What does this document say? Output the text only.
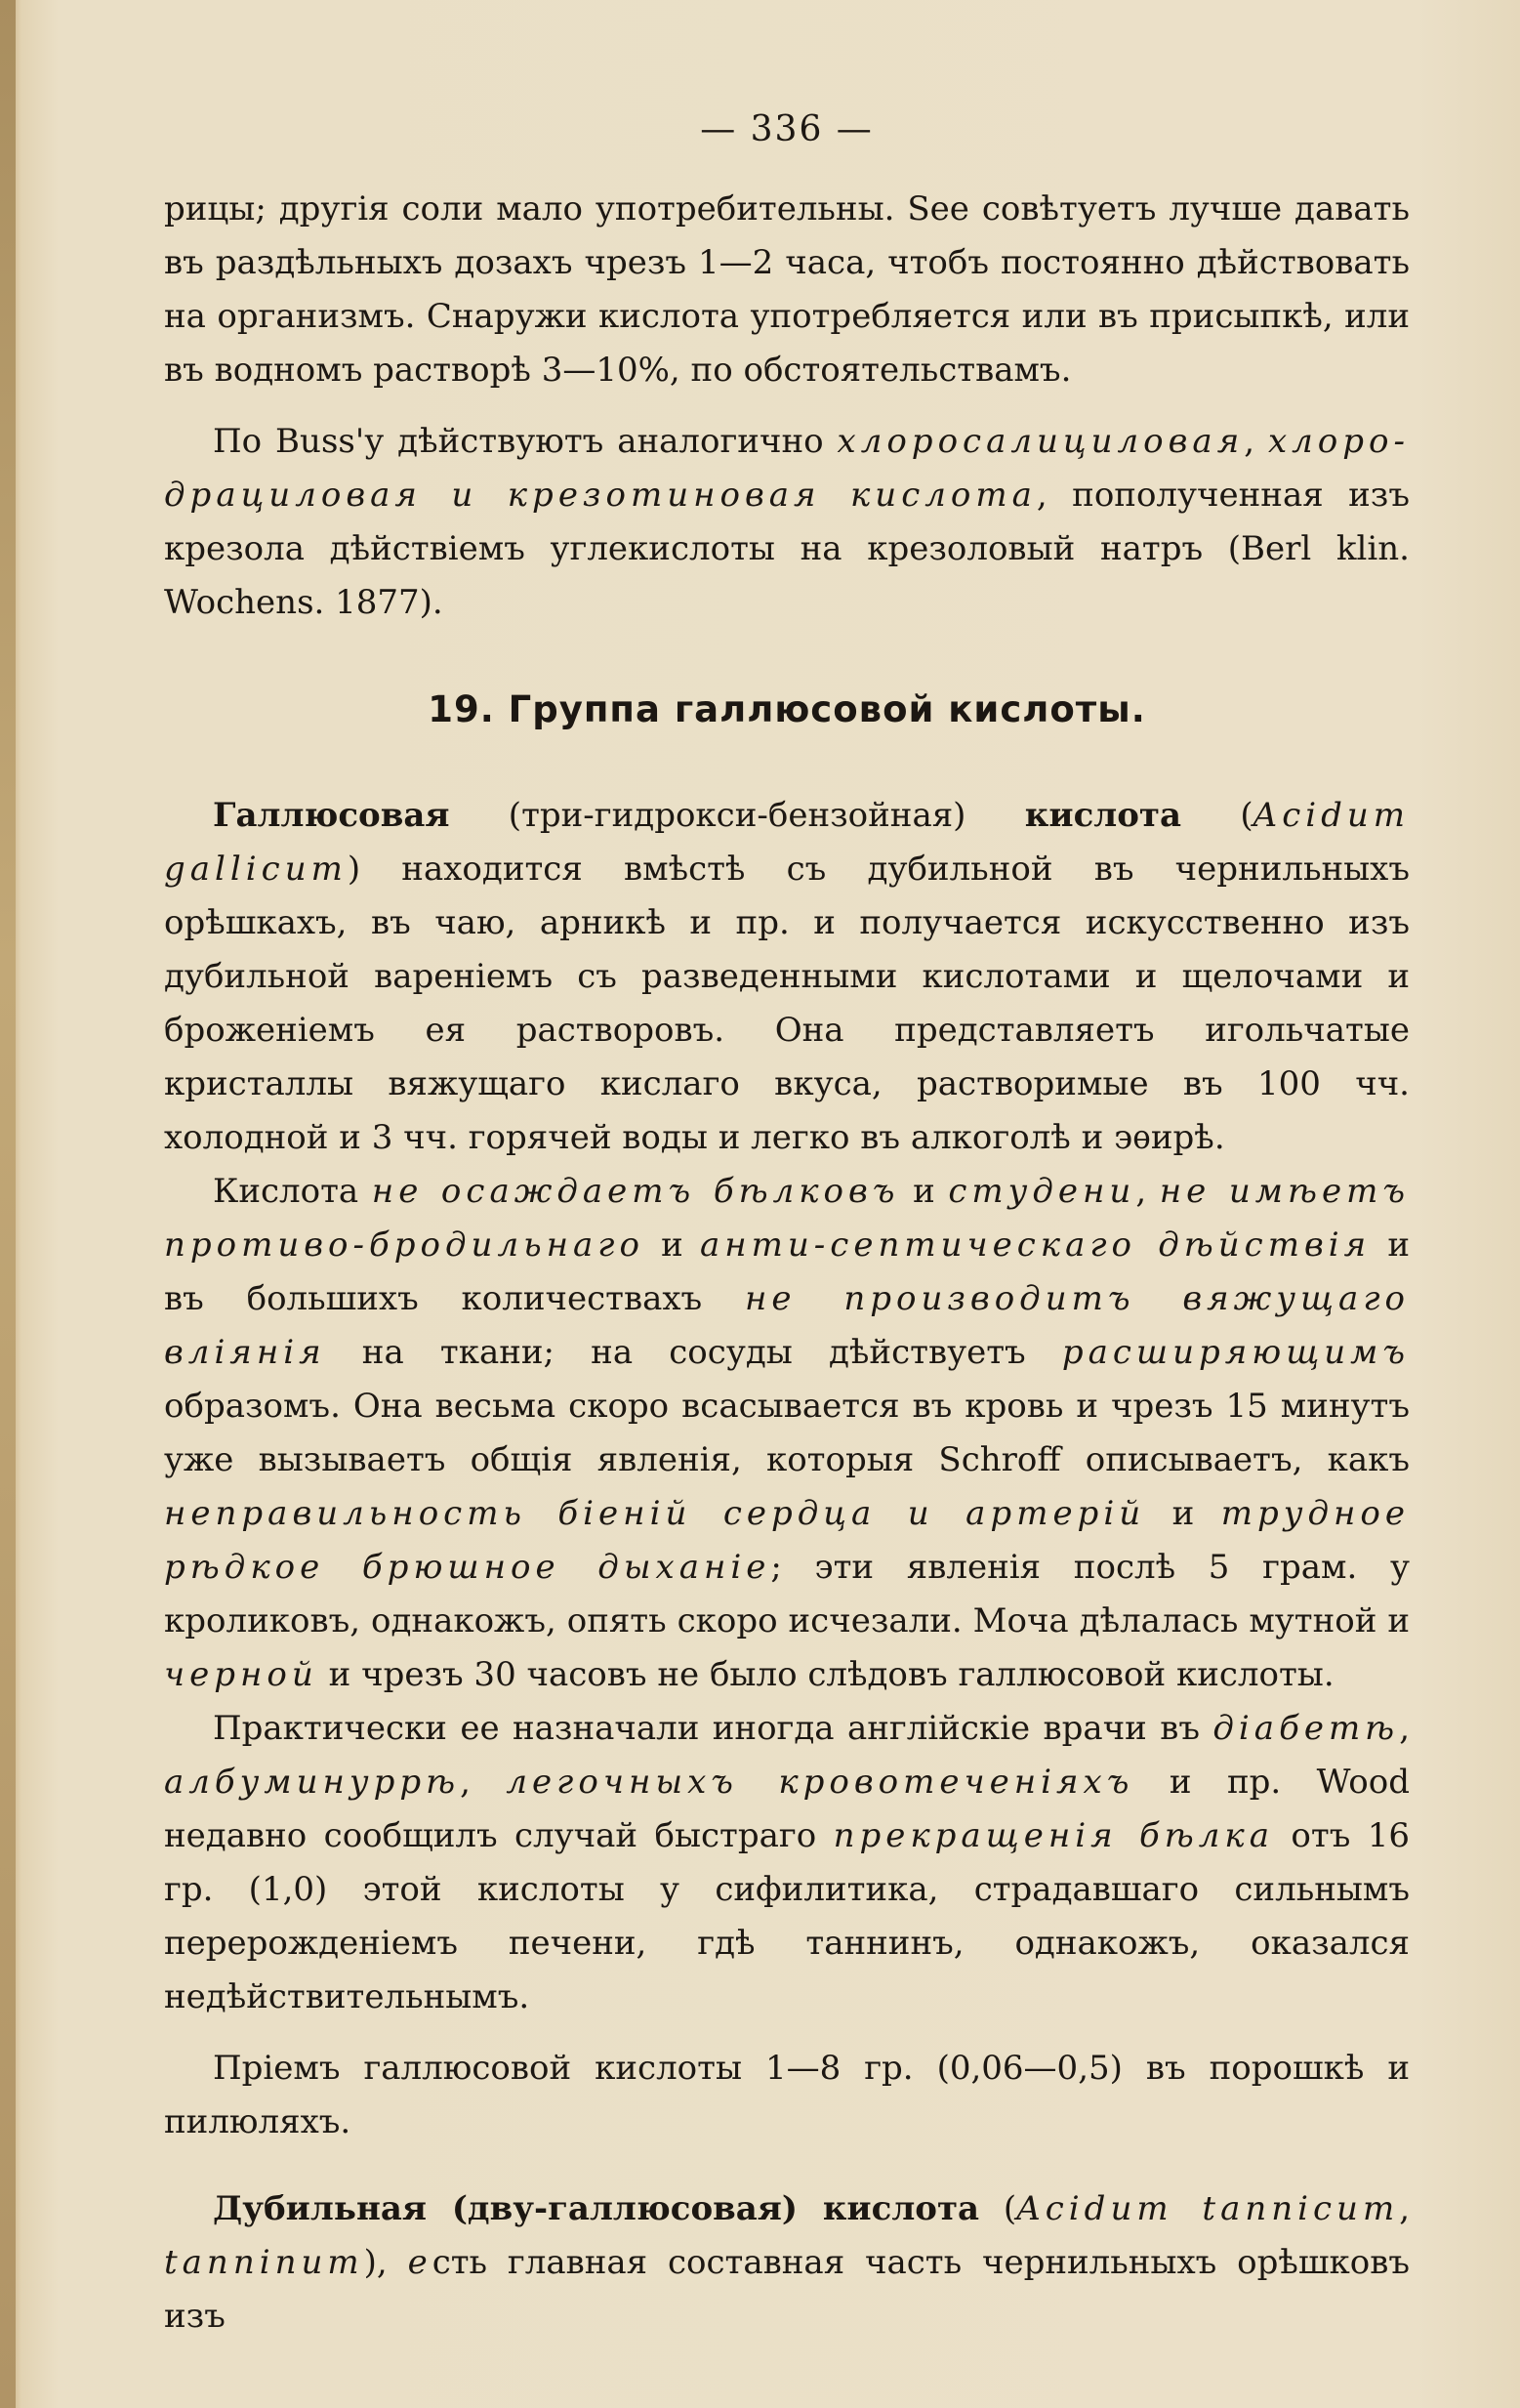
— 336 —

рицы; другія соли мало употребительны. See совѣтуетъ лучше давать въ раздѣльныхъ дозахъ чрезъ 1—2 часа, чтобъ постоянно дѣйствовать на организмъ. Снаружи кислота употребляется или въ присыпкѣ, или въ водномъ растворѣ 3—10%, по обстоятельствамъ.

По Buss'у дѣйствуютъ аналогично хлоросалициловая, хлоро-драциловая и крезотиновая кислота, пополученная изъ крезола дѣйствіемъ углекислоты на крезоловый натръ (Berl klin. Wochens. 1877).

19. Группа галлюсовой кислоты.

Галлюсовая (три-гидрокси-бензойная) кислота (Acidum gallicum) находится вмѣстѣ съ дубильной въ чернильныхъ орѣшкахъ, въ чаю, арникѣ и пр. и получается искусственно изъ дубильной вареніемъ съ разведенными кислотами и щелочами и броженіемъ ея растворовъ. Она представляетъ игольчатые кристаллы вяжущаго кислаго вкуса, растворимые въ 100 чч. холодной и 3 чч. горячей воды и легко въ алкоголѣ и эѳирѣ.

Кислота не осаждаетъ бѣлковъ и студени, не имѣетъ противо-бродильнаго и анти-септическаго дѣйствія и въ большихъ количествахъ не производитъ вяжущаго вліянія на ткани; на сосуды дѣйствуетъ расширяющимъ образомъ. Она весьма скоро всасывается въ кровь и чрезъ 15 минутъ уже вызываетъ общія явленія, которыя Schroff описываетъ, какъ неправильность біеній сердца и артерій и трудное рѣдкое брюшное дыханіе; эти явленія послѣ 5 грам. у кроликовъ, однакожъ, опять скоро исчезали. Моча дѣлалась мутной и черной и чрезъ 30 часовъ не было слѣдовъ галлюсовой кислоты.

Практически ее назначали иногда англійскіе врачи въ діабетѣ, албуминуррѣ, легочныхъ кровотеченіяхъ и пр. Wood недавно сообщилъ случай быстраго прекращенія бѣлка отъ 16 гр. (1,0) этой кислоты у сифилитика, страдавшаго сильнымъ перерожденіемъ печени, гдѣ таннинъ, однакожъ, оказался недѣйствительнымъ.

Пріемъ галлюсовой кислоты 1—8 гр. (0,06—0,5) въ порошкѣ и пилюляхъ.

Дубильная (дву-галлюсовая) кислота (Acidum tannicum, tanninum), есть главная составная часть чернильныхъ орѣшковъ изъ
